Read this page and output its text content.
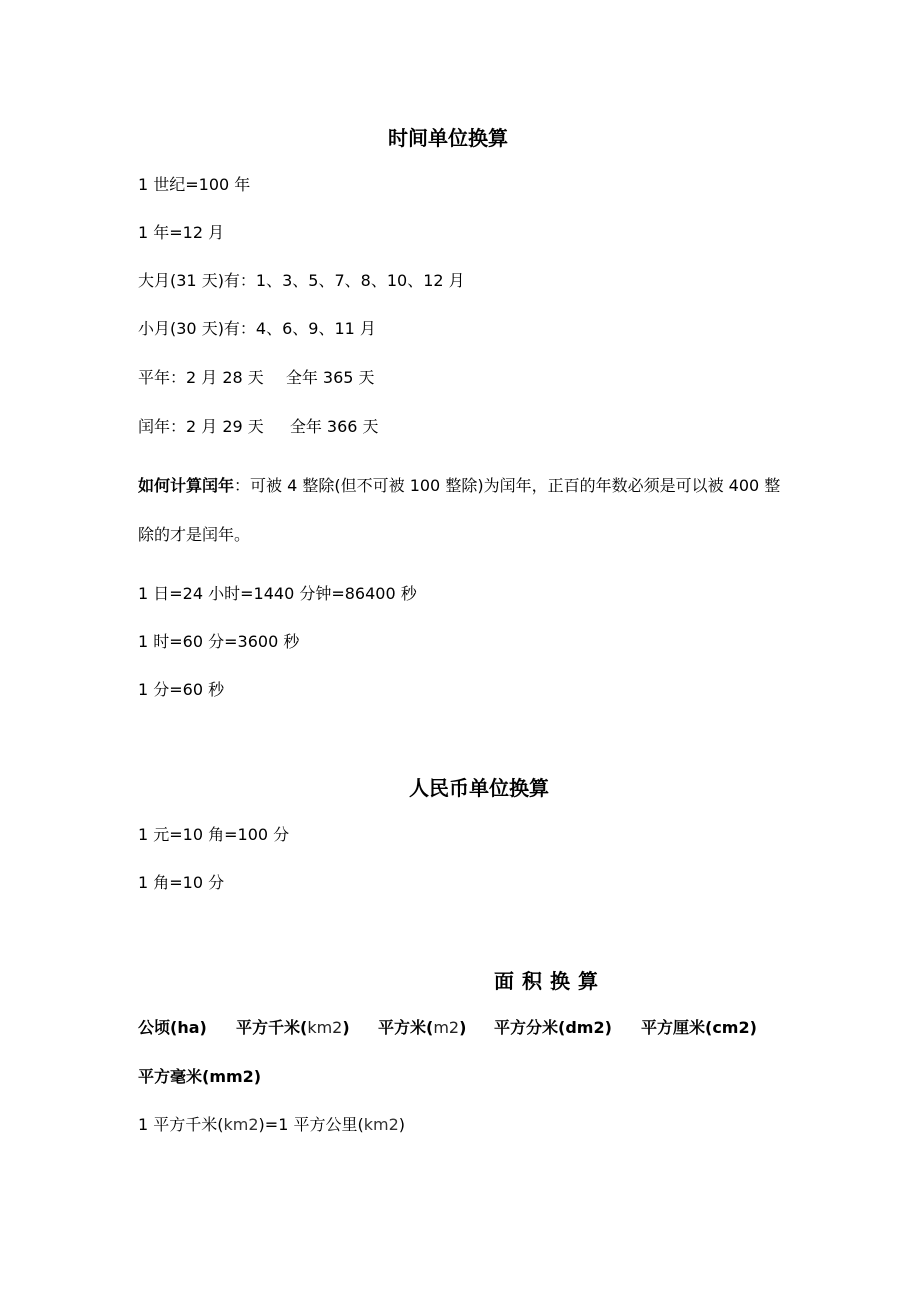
时间单位换算
1 世纪=100 年
1 年=12 月
大月(31 天)有：1、3、5、7、8、10、12 月
小月(30 天)有：4、6、9、11 月
平年：2 月 28 天 全年 365 天
闰年：2 月 29 天 全年 366 天
如何计算闰年：可被 4 整除(但不可被 100 整除)为闰年，正百的年数必须是可以被 400 整
除的才是闰年。
1 日=24 小时=1440 分钟=86400 秒
1 时=60 分=3600 秒
1 分=60 秒
人民币单位换算
1 元=10 角=100 分
1 角=10 分
面积换算
公顷(ha) 平方千米(km2) 平方米(m2) 平方分米(dm2) 平方厘米(cm2)
平方毫米(mm2)
1 平方千米(km2)=1 平方公里(km2)
